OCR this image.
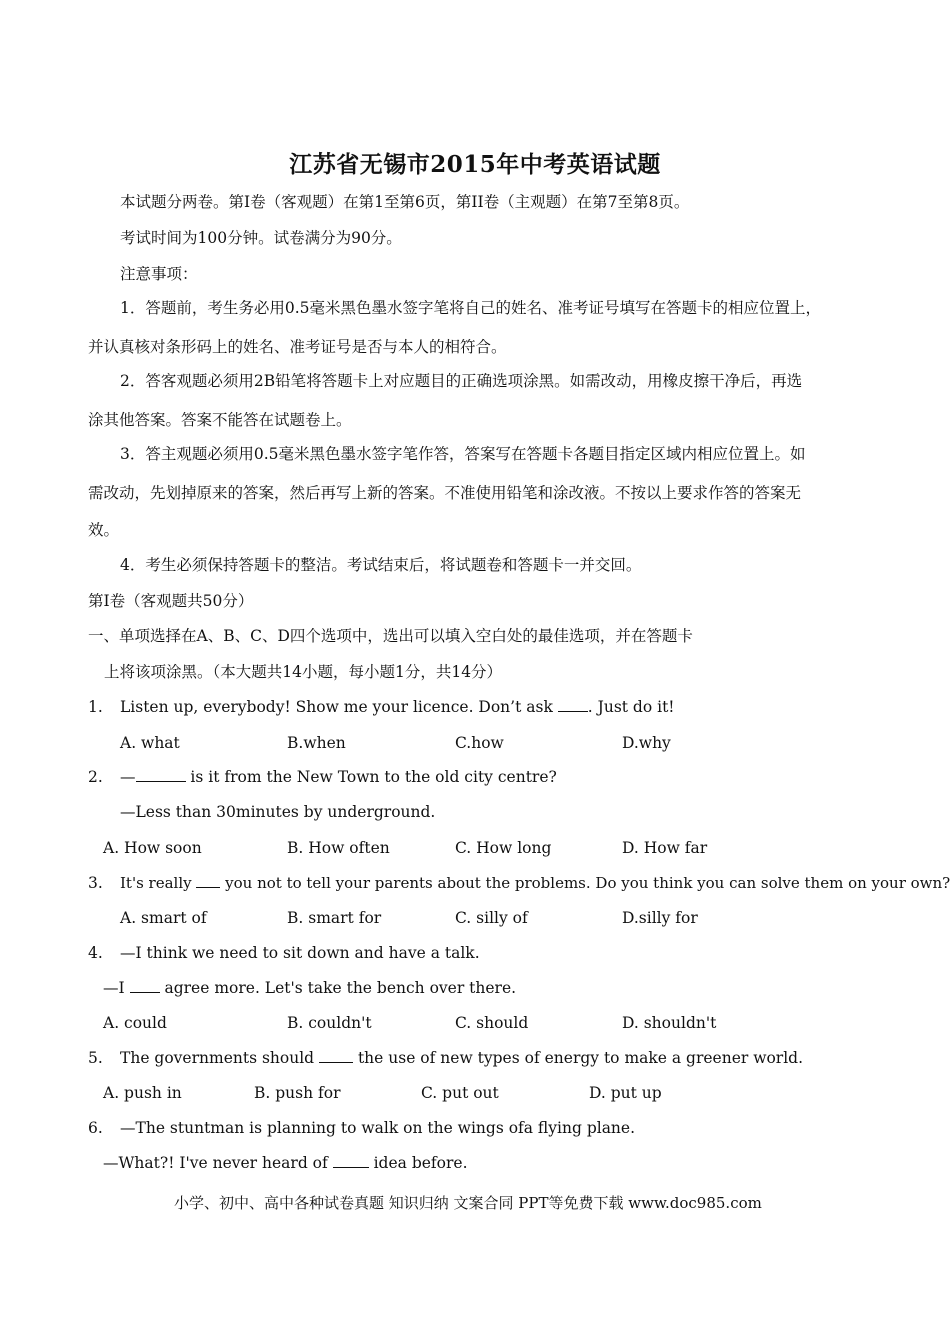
江苏省无锡市2015年中考英语试题
本试题分两卷。第I卷（客观题）在第1至第6页，第II卷（主观题）在第7至第8页。
考试时间为100分钟。试卷满分为90分。
注意事项：
1．答题前，考生务必用0.5毫米黑色墨水签字笔将自己的姓名、准考证号填写在答题卡的相应位置上，
并认真核对条形码上的姓名、准考证号是否与本人的相符合。
2．答客观题必须用2B铅笔将答题卡上对应题目的正确选项涂黑。如需改动，用橡皮擦干净后，再选
涂其他答案。答案不能答在试题卷上。
3．答主观题必须用0.5毫米黑色墨水签字笔作答，答案写在答题卡各题目指定区域内相应位置上。如
需改动，先划掉原来的答案，然后再写上新的答案。不准使用铅笔和涂改液。不按以上要求作答的答案无
效。
4．考生必须保持答题卡的整洁。考试结束后，将试题卷和答题卡一并交回。
第I卷（客观题共50分）
一、单项选择在A、B、C、D四个选项中，选出可以填入空白处的最佳选项，并在答题卡
上将该项涂黑。（本大题共14小题，每小题1分，共14分）
1. Listen up, everybody! Show me your licence. Don’t ask . Just do it!
A. what	B.when	C.how	D.why
2. —	is it from the New Town to the old city centre?
—Less than 30minutes by underground.
A. How soon	B. How often	C. How long	D. How far
3. It's really  you not to tell your parents about the problems. Do you think you can solve them on your own?
A. smart of	B. smart for	C. silly of	D.silly for
4. —I think we need to sit down and have a talk.
—I  agree more. Let's take the bench over there.
A. could	B. couldn't	C. should	D. shouldn't
5. The governments should  the use of new types of energy to make a greener world.
A. push in	B. push for	C. put out	D. put up
6. —The stuntman is planning to walk on the wings ofa flying plane.
—What?! I've never heard of  idea before.
小学、初中、高中各种试卷真题 知识归纳 文案合同 PPT等免费下载 www.doc985.com
